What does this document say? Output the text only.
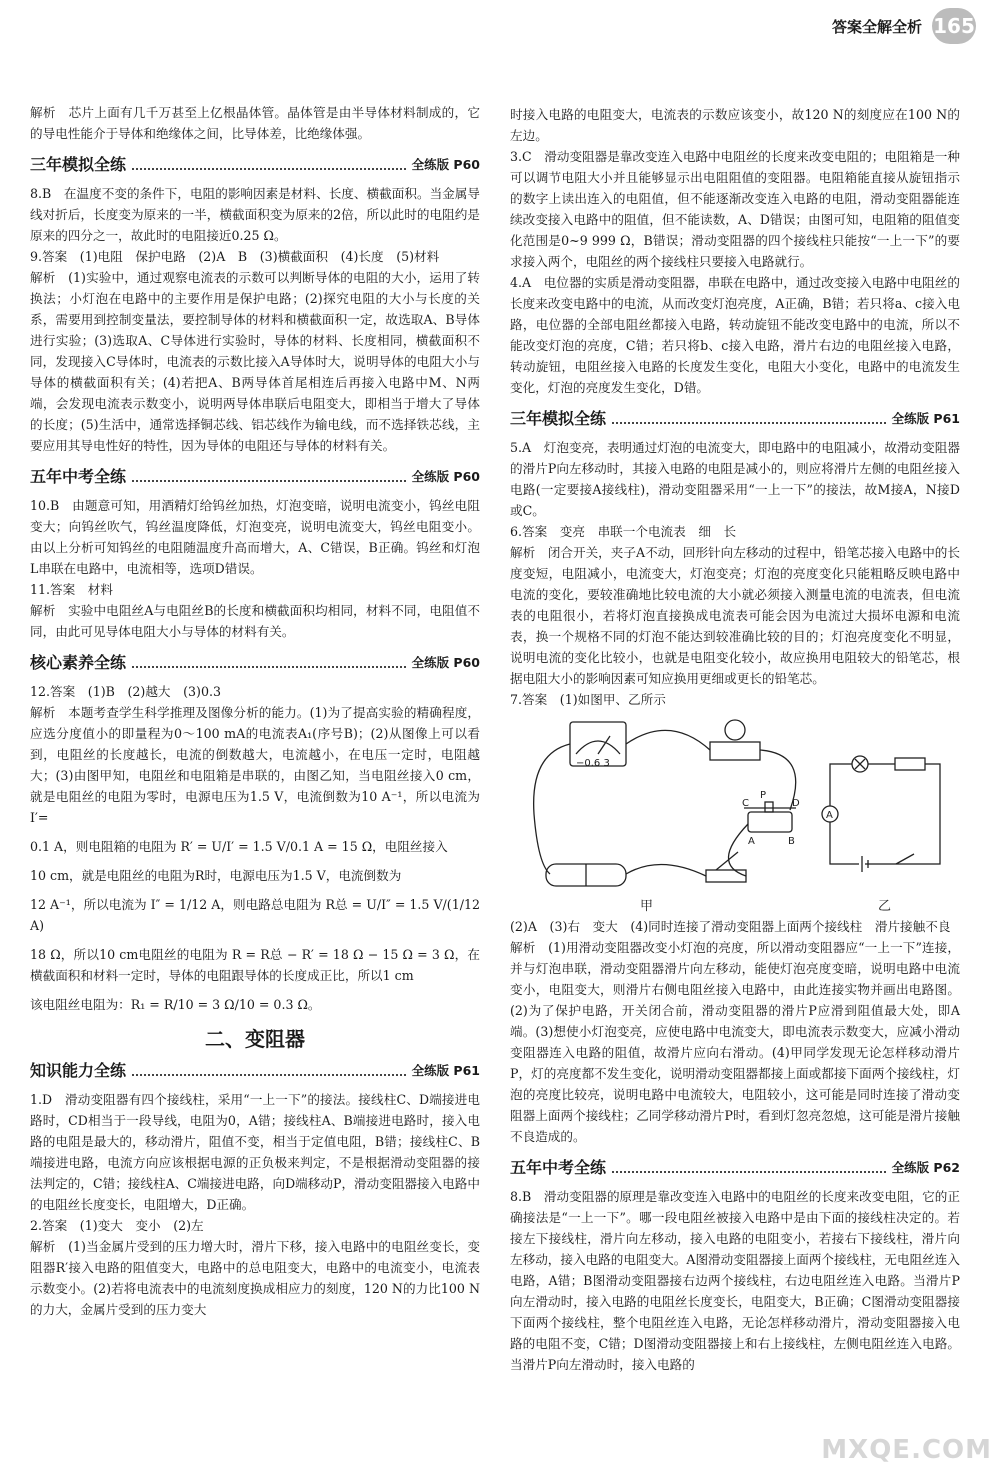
答案全解全析 165

解析　芯片上面有几千万甚至上亿根晶体管。晶体管是由半导体材料制成的，它的导电性能介于导体和绝缘体之间，比导体差，比绝缘体强。

三年模拟全练	全练版 P60

8.B　在温度不变的条件下，电阻的影响因素是材料、长度、横截面积。当金属导线对折后，长度变为原来的一半，横截面积变为原来的2倍，所以此时的电阻约是原来的四分之一，故此时的电阻接近0.25 Ω。

9.答案　(1)电阻　保护电路　(2)A　B　(3)横截面积　(4)长度　(5)材料

解析　(1)实验中，通过观察电流表的示数可以判断导体的电阻的大小，运用了转换法；小灯泡在电路中的主要作用是保护电路；(2)探究电阻的大小与长度的关系，需要用到控制变量法，要控制导体的材料和横截面积一定，故选取A、B导体进行实验；(3)选取A、C导体进行实验时，导体的材料、长度相同，横截面积不同，发现接入C导体时，电流表的示数比接入A导体时大，说明导体的电阻大小与导体的横截面积有关；(4)若把A、B两导体首尾相连后再接入电路中M、N两端，会发现电流表示数变小，说明两导体串联后电阻变大，即相当于增大了导体的长度；(5)生活中，通常选择铜芯线、铝芯线作为输电线，而不选择铁芯线，主要应用其导电性好的特性，因为导体的电阻还与导体的材料有关。

五年中考全练	全练版 P60

10.B　由题意可知，用酒精灯给钨丝加热，灯泡变暗，说明电流变小，钨丝电阻变大；向钨丝吹气，钨丝温度降低，灯泡变亮，说明电流变大，钨丝电阻变小。由以上分析可知钨丝的电阻随温度升高而增大，A、C错误，B正确。钨丝和灯泡L串联在电路中，电流相等，选项D错误。

11.答案　材料

解析　实验中电阻丝A与电阻丝B的长度和横截面积均相同，材料不同，电阻值不同，由此可见导体电阻大小与导体的材料有关。

核心素养全练	全练版 P60

12.答案　(1)B　(2)越大　(3)0.3

解析　本题考查学生科学推理及图像分析的能力。(1)为了提高实验的精确程度，应选分度值小的即量程为0～100 mA的电流表A₁(序号B)；(2)从图像上可以看到，电阻丝的长度越长，电流的倒数越大，电流越小，在电压一定时，电阻越大；(3)由图甲知，电阻丝和电阻箱是串联的，由图乙知，当电阻丝接入0 cm，就是电阻丝的电阻为零时，电源电压为1.5 V，电流倒数为10 A⁻¹，所以电流为 I′=

0.1 A，则电阻箱的电阻为 R′ = U/I′ = 1.5 V/0.1 A = 15 Ω，电阻丝接入

10 cm，就是电阻丝的电阻为R时，电源电压为1.5 V，电流倒数为

12 A⁻¹，所以电流为 I″ = 1/12 A，则电路总电阻为 R总 = U/I″ = 1.5 V/(1/12 A)

18 Ω，所以10 cm电阻丝的电阻为 R = R总 − R′ = 18 Ω − 15 Ω = 3 Ω，在横截面积和材料一定时，导体的电阻跟导体的长度成正比，所以1 cm

该电阻丝电阻为：R₁ = R/10 = 3 Ω/10 = 0.3 Ω。

二、变阻器
知识能力全练	全练版 P61

1.D　滑动变阻器有四个接线柱，采用“一上一下”的接法。接线柱C、D端接进电路时，CD相当于一段导线，电阻为0，A错；接线柱A、B端接进电路时，接入电路的电阻是最大的，移动滑片，阻值不变，相当于定值电阻，B错；接线柱C、B端接进电路，电流方向应该根据电源的正负极来判定，不是根据滑动变阻器的接法判定的，C错；接线柱A、C端接进电路，向D端移动P，滑动变阻器接入电路中的电阻丝长度变长，电阻增大，D正确。

2.答案　(1)变大　变小　(2)左

解析　(1)当金属片受到的压力增大时，滑片下移，接入电路中的电阻丝变长，变阻器R′接入电路的阻值变大，电路中的总电阻变大，电路中的电流变小，电流表示数变小。(2)若将电流表中的电流刻度换成相应力的刻度，120 N的力比100 N的力大，金属片受到的压力变大

时接入电路的电阻变大，电流表的示数应该变小，故120 N的刻度应在100 N的左边。

3.C　滑动变阻器是靠改变连入电路中电阻丝的长度来改变电阻的；电阻箱是一种可以调节电阻大小并且能够显示出电阻阻值的变阻器。电阻箱能直接从旋钮指示的数字上读出连入的电阻值，但不能逐渐改变连入电路的电阻，滑动变阻器能连续改变接入电路中的阻值，但不能读数，A、D错误；由图可知，电阻箱的阻值变化范围是0~9 999 Ω，B错误；滑动变阻器的四个接线柱只能按“一上一下”的要求接入两个，电阻丝的两个接线柱只要接入电路就行。

4.A　电位器的实质是滑动变阻器，串联在电路中，通过改变接入电路中电阻丝的长度来改变电路中的电流，从而改变灯泡亮度，A正确，B错；若只将a、c接入电路，电位器的全部电阻丝都接入电路，转动旋钮不能改变电路中的电流，所以不能改变灯泡的亮度，C错；若只将b、c接入电路，滑片右边的电阻丝接入电路，转动旋钮，电阻丝接入电路的长度发生变化，电阻大小变化，电路中的电流发生变化，灯泡的亮度发生变化，D错。

三年模拟全练	全练版 P61

5.A　灯泡变亮，表明通过灯泡的电流变大，即电路中的电阻减小，故滑动变阻器的滑片P向左移动时，其接入电路的电阻是减小的，则应将滑片左侧的电阻丝接入电路(一定要接A接线柱)，滑动变阻器采用“一上一下”的接法，故M接A，N接D或C。

6.答案　变亮　串联一个电流表　细　长

解析　闭合开关，夹子A不动，回形针向左移动的过程中，铅笔芯接入电路中的长度变短，电阻减小，电流变大，灯泡变亮；灯泡的亮度变化只能粗略反映电路中电流的变化，要较准确地比较电流的大小就必须接入测量电流的电流表，但电流表的电阻很小，若将灯泡直接换成电流表可能会因为电流过大损坏电源和电流表，换一个规格不同的灯泡不能达到较准确比较的目的；灯泡亮度变化不明显，说明电流的变化比较小，也就是电阻变化较小，故应换用电阻较大的铅笔芯，根据电阻大小的影响因素可知应换用更细或更长的铅笔芯。

7.答案　(1)如图甲、乙所示

C
P
D
A	B
−0.6 3
A
甲	乙

(2)A　(3)右　变大　(4)同时连接了滑动变阻器上面两个接线柱　滑片接触不良

解析　(1)用滑动变阻器改变小灯泡的亮度，所以滑动变阻器应“一上一下”连接，并与灯泡串联，滑动变阻器滑片向左移动，能使灯泡亮度变暗，说明电路中电流变小，电阻变大，则滑片右侧电阻丝接入电路中，由此连接实物并画出电路图。(2)为了保护电路，开关闭合前，滑动变阻器的滑片P应滑到阻值最大处，即A端。(3)想使小灯泡变亮，应使电路中电流变大，即电流表示数变大，应减小滑动变阻器连入电路的阻值，故滑片应向右滑动。(4)甲同学发现无论怎样移动滑片P，灯的亮度都不发生变化，说明滑动变阻器都接上面或都接下面两个接线柱，灯泡的亮度比较亮，说明电路中电流较大，电阻较小，这可能是同时连接了滑动变阻器上面两个接线柱；乙同学移动滑片P时，看到灯忽亮忽熄，这可能是滑片接触不良造成的。

五年中考全练	全练版 P62

8.B　滑动变阻器的原理是靠改变连入电路中的电阻丝的长度来改变电阻，它的正确接法是“一上一下”。哪一段电阻丝被接入电路中是由下面的接线柱决定的。若接左下接线柱，滑片向左移动，接入电路的电阻变小，若接右下接线柱，滑片向左移动，接入电路的电阻变大。A图滑动变阻器接上面两个接线柱，无电阻丝连入电路，A错；B图滑动变阻器接右边两个接线柱，右边电阻丝连入电路。当滑片P向左滑动时，接入电路的电阻丝长度变长，电阻变大，B正确；C图滑动变阻器接下面两个接线柱，整个电阻丝连入电路，无论怎样移动滑片，滑动变阻器接入电路的电阻不变，C错；D图滑动变阻器接上和右上接线柱，左侧电阻丝连入电路。当滑片P向左滑动时，接入电路的

MXQE.COM
